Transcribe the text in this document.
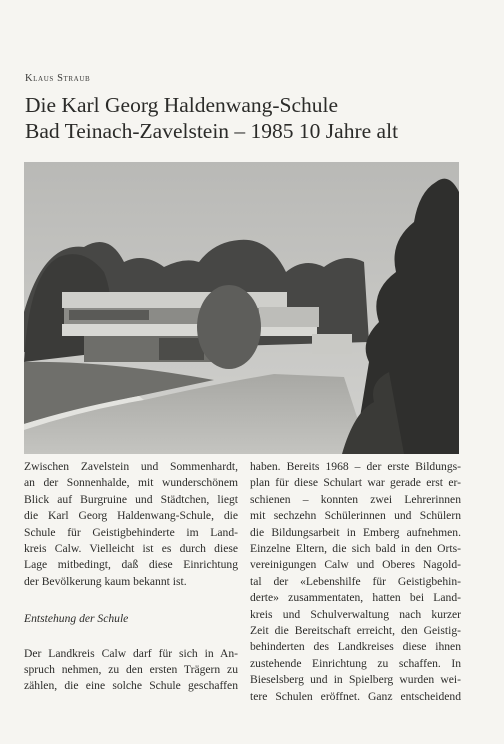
Klaus Straub
Die Karl Georg Haldenwang-Schule
Bad Teinach-Zavelstein – 1985 10 Jahre alt

Zwischen Zavelstein und Sommenhardt,
an der Sonnenhalde, mit wunderschönem
Blick auf Burgruine und Städtchen, liegt
die Karl Georg Haldenwang-Schule, die
Schule für Geistigbehinderte im Land-
kreis Calw. Vielleicht ist es durch diese
Lage mitbedingt, daß diese Einrichtung
der Bevölkerung kaum bekannt ist.

Entstehung der Schule

Der Landkreis Calw darf für sich in An-
spruch nehmen, zu den ersten Trägern zu
zählen, die eine solche Schule geschaffen

haben. Bereits 1968 – der erste Bildungs-
plan für diese Schulart war gerade erst er-
schienen – konnten zwei Lehrerinnen
mit sechzehn Schülerinnen und Schülern
die Bildungsarbeit in Emberg aufnehmen.
Einzelne Eltern, die sich bald in den Orts-
vereinigungen Calw und Oberes Nagold-
tal der «Lebenshilfe für Geistigbehin-
derte» zusammentaten, hatten bei Land-
kreis und Schulverwaltung nach kurzer
Zeit die Bereitschaft erreicht, den Geistig-
behinderten des Landkreises diese ihnen
zustehende Einrichtung zu schaffen. In
Bieselsberg und in Spielberg wurden wei-
tere Schulen eröffnet. Ganz entscheidend
